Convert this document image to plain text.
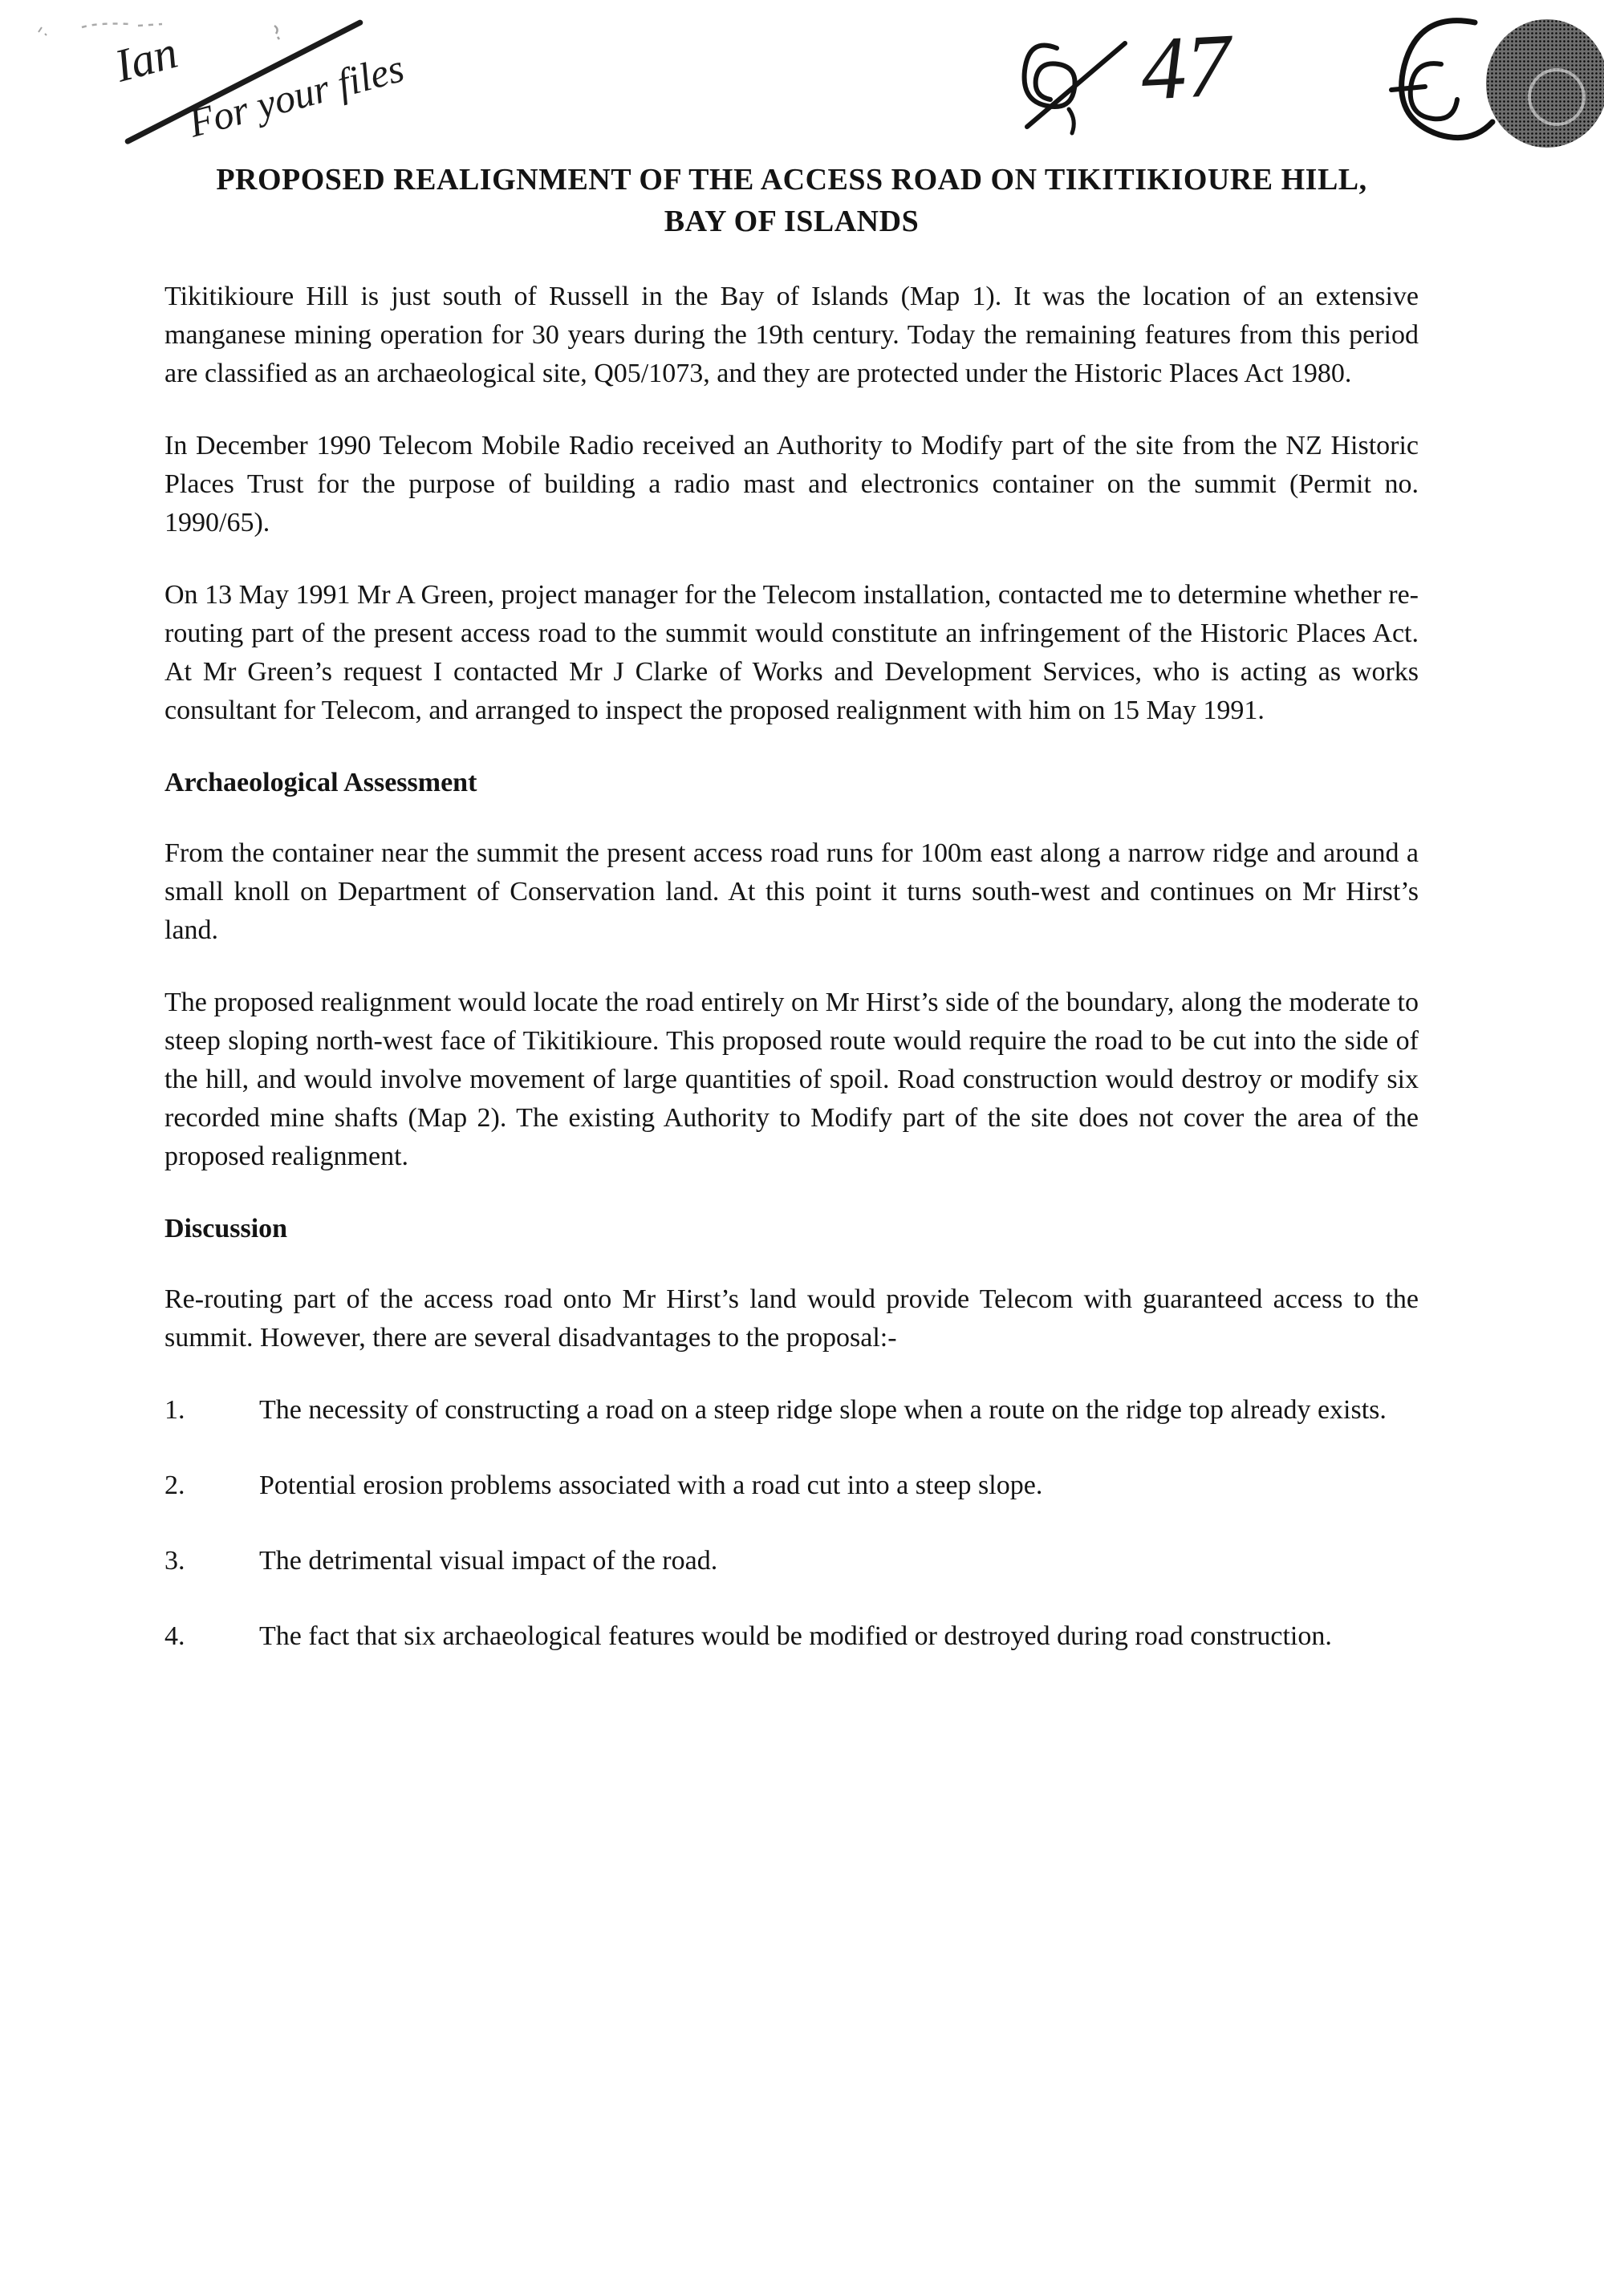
Ian For your files	47
PROPOSED REALIGNMENT OF THE ACCESS ROAD ON TIKITIKIOURE HILL,
BAY OF ISLANDS

Tikitikioure Hill is just south of Russell in the Bay of Islands (Map 1). It was the location of an extensive manganese mining operation for 30 years during the 19th century. Today the remaining features from this period are classified as an archaeological site, Q05/1073, and they are protected under the Historic Places Act 1980.

In December 1990 Telecom Mobile Radio received an Authority to Modify part of the site from the NZ Historic Places Trust for the purpose of building a radio mast and electronics container on the summit (Permit no. 1990/65).

On 13 May 1991 Mr A Green, project manager for the Telecom installation, contacted me to determine whether re-routing part of the present access road to the summit would constitute an infringement of the Historic Places Act. At Mr Green’s request I contacted Mr J Clarke of Works and Development Services, who is acting as works consultant for Telecom, and arranged to inspect the proposed realignment with him on 15 May 1991.

Archaeological Assessment

From the container near the summit the present access road runs for 100m east along a narrow ridge and around a small knoll on Department of Conservation land. At this point it turns south-west and continues on Mr Hirst’s land.

The proposed realignment would locate the road entirely on Mr Hirst’s side of the boundary, along the moderate to steep sloping north-west face of Tikitikioure. This proposed route would require the road to be cut into the side of the hill, and would involve movement of large quantities of spoil. Road construction would destroy or modify six recorded mine shafts (Map 2). The existing Authority to Modify part of the site does not cover the area of the proposed realignment.

Discussion

Re-routing part of the access road onto Mr Hirst’s land would provide Telecom with guaranteed access to the summit. However, there are several disadvantages to the proposal:-

1.	The necessity of constructing a road on a steep ridge slope when a route on the ridge top already exists.
2.	Potential erosion problems associated with a road cut into a steep slope.
3.	The detrimental visual impact of the road.
4.	The fact that six archaeological features would be modified or destroyed during road construction.
